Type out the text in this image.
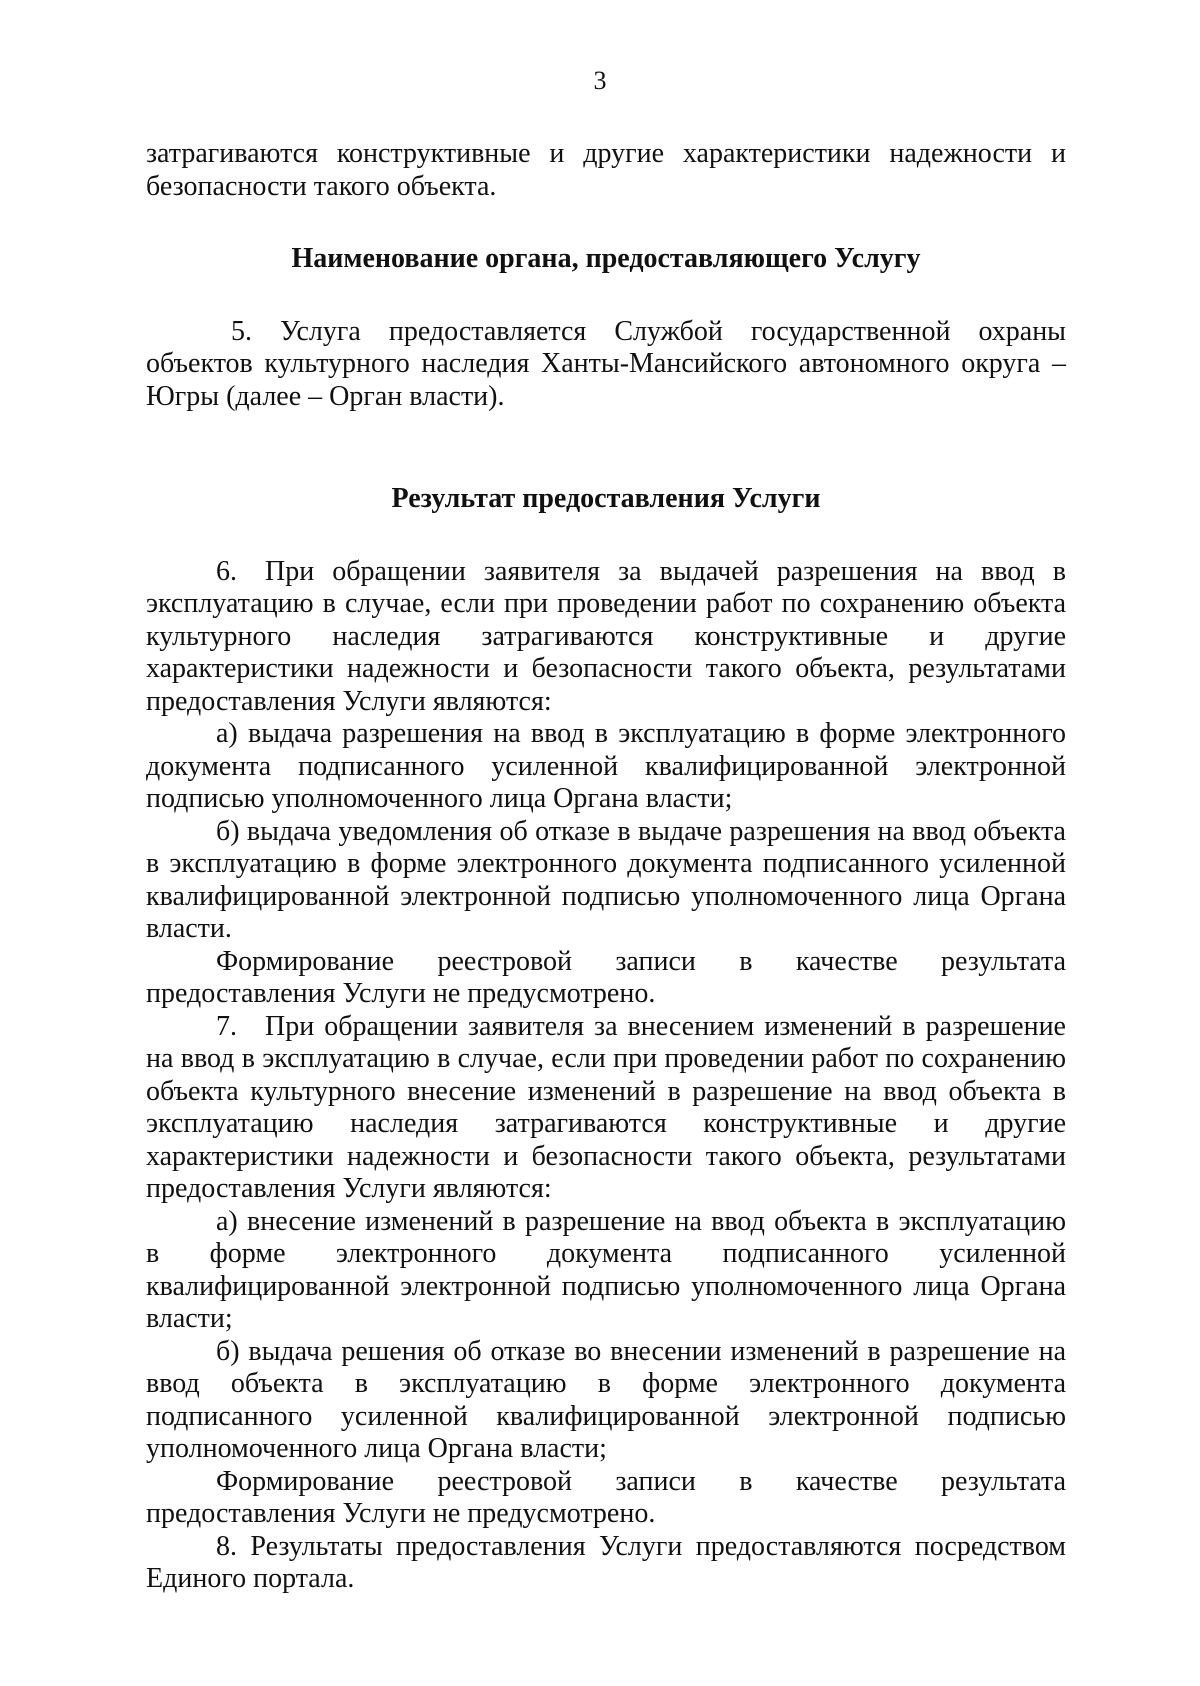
3

затрагиваются конструктивные и другие характеристики надежности и безопасности такого объекта.

Наименование органа, предоставляющего Услугу

5. Услуга предоставляется Службой государственной охраны объектов культурного наследия Ханты-Мансийского автономного округа – Югры (далее – Орган власти).

Результат предоставления Услуги

6. При обращении заявителя за выдачей разрешения на ввод в эксплуатацию в случае, если при проведении работ по сохранению объекта культурного наследия затрагиваются конструктивные и другие характеристики надежности и безопасности такого объекта, результатами предоставления Услуги являются:

а) выдача разрешения на ввод в эксплуатацию в форме электронного документа подписанного усиленной квалифицированной электронной подписью уполномоченного лица Органа власти;

б) выдача уведомления об отказе в выдаче разрешения на ввод объекта в эксплуатацию в форме электронного документа подписанного усиленной квалифицированной электронной подписью уполномоченного лица Органа власти.

Формирование реестровой записи в качестве результата предоставления Услуги не предусмотрено.

7. При обращении заявителя за внесением изменений в разрешение на ввод в эксплуатацию в случае, если при проведении работ по сохранению объекта культурного внесение изменений в разрешение на ввод объекта в эксплуатацию наследия затрагиваются конструктивные и другие характеристики надежности и безопасности такого объекта, результатами предоставления Услуги являются:

а) внесение изменений в разрешение на ввод объекта в эксплуатацию в форме электронного документа подписанного усиленной квалифицированной электронной подписью уполномоченного лица Органа власти;

б) выдача решения об отказе во внесении изменений в разрешение на ввод объекта в эксплуатацию в форме электронного документа подписанного усиленной квалифицированной электронной подписью уполномоченного лица Органа власти;

Формирование реестровой записи в качестве результата предоставления Услуги не предусмотрено.

8. Результаты предоставления Услуги предоставляются посредством Единого портала.
